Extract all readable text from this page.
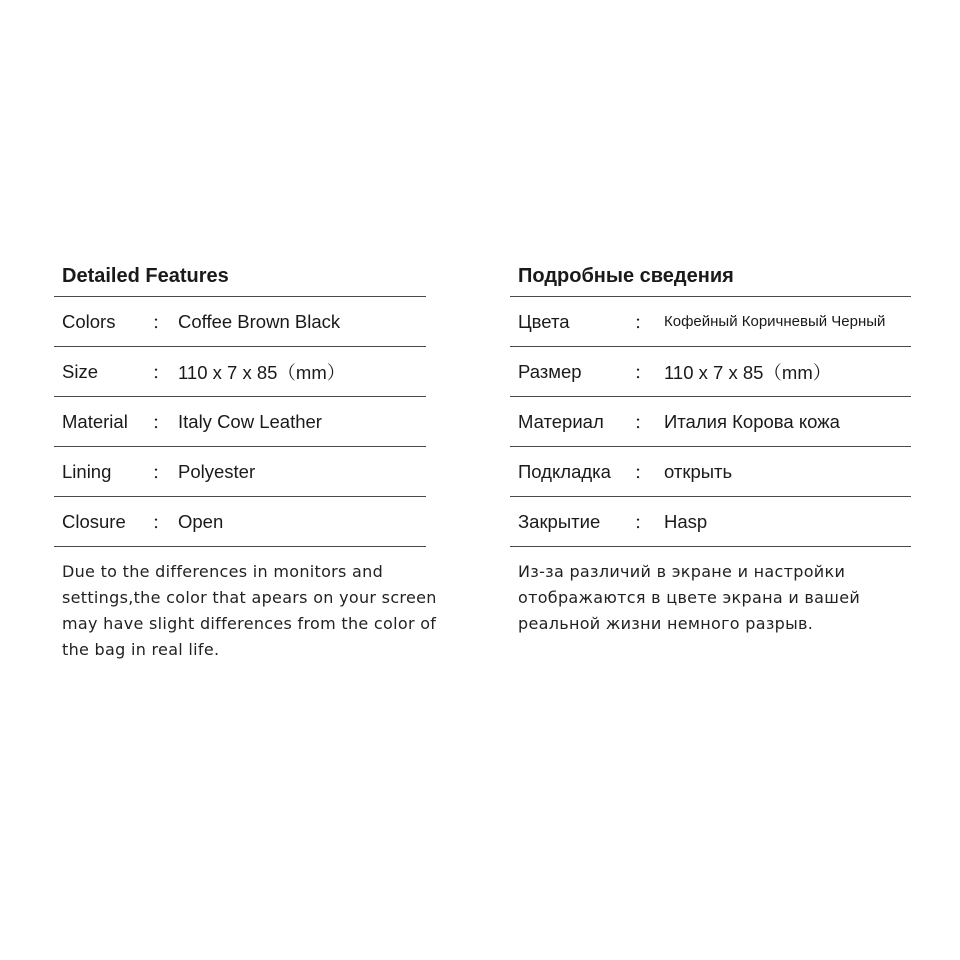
Detailed Features
Colors	： Coffee Brown Black
Size	： 110 x 7 x 85（mm）
Material	： Italy Cow Leather
Lining	： Polyester
Closure	： Open
Due to the differences in monitors and settings,the color that apears on your screen may have slight differences from the color of the bag in real life.
Подробные сведения
Цвета	： Кофейный Коричневый Черный
Размер	： 110 x 7 x 85（mm）
Материал	： Италия Корова кожа
Подкладка	： открыть
Закрытие	： Hasp
Из-за различий в экране и настройки отображаются в цвете экрана и вашей реальной жизни немного разрыв.
